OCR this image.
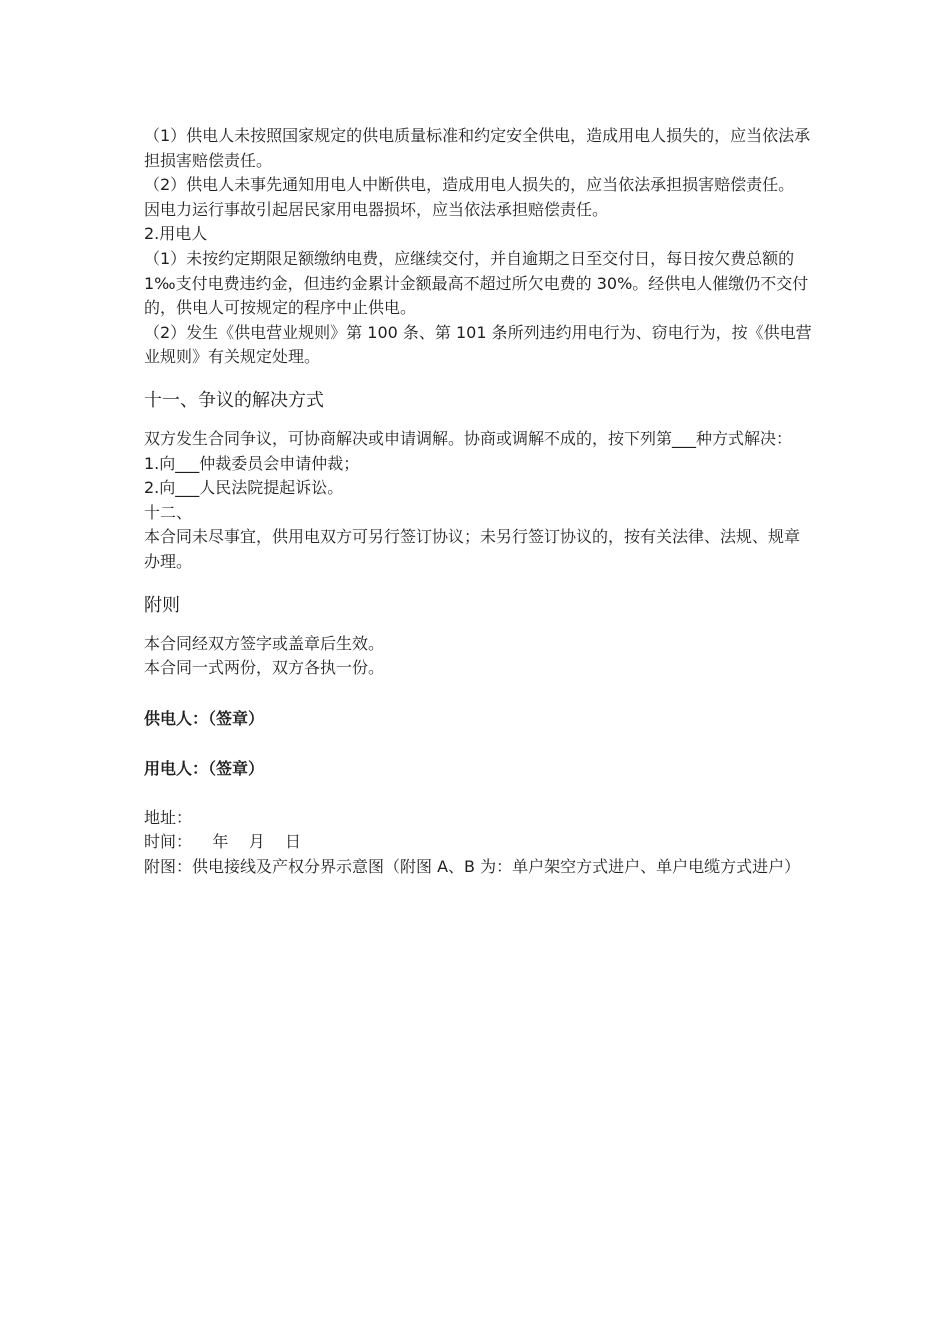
（1）供电人未按照国家规定的供电质量标准和约定安全供电，造成用电人损失的，应当依法承担损害赔偿责任。

（2）供电人未事先通知用电人中断供电，造成用电人损失的，应当依法承担损害赔偿责任。

因电力运行事故引起居民家用电器损坏，应当依法承担赔偿责任。

2.用电人

（1）未按约定期限足额缴纳电费，应继续交付，并自逾期之日至交付日，每日按欠费总额的 1‰支付电费违约金，但违约金累计金额最高不超过所欠电费的 30%。经供电人催缴仍不交付的，供电人可按规定的程序中止供电。

（2）发生《供电营业规则》第 100 条、第 101 条所列违约用电行为、窃电行为，按《供电营业规则》有关规定处理。

十一、争议的解决方式

双方发生合同争议，可协商解决或申请调解。协商或调解不成的，按下列第___种方式解决：

1.向___仲裁委员会申请仲裁；

2.向___人民法院提起诉讼。

十二、

本合同未尽事宜，供用电双方可另行签订协议；未另行签订协议的，按有关法律、法规、规章办理。

附则

本合同经双方签字或盖章后生效。

本合同一式两份，双方各执一份。

供电人：（签章）

用电人：（签章）

地址：

时间：    年    月    日

附图：供电接线及产权分界示意图（附图 A、B 为：单户架空方式进户、单户电缆方式进户）
